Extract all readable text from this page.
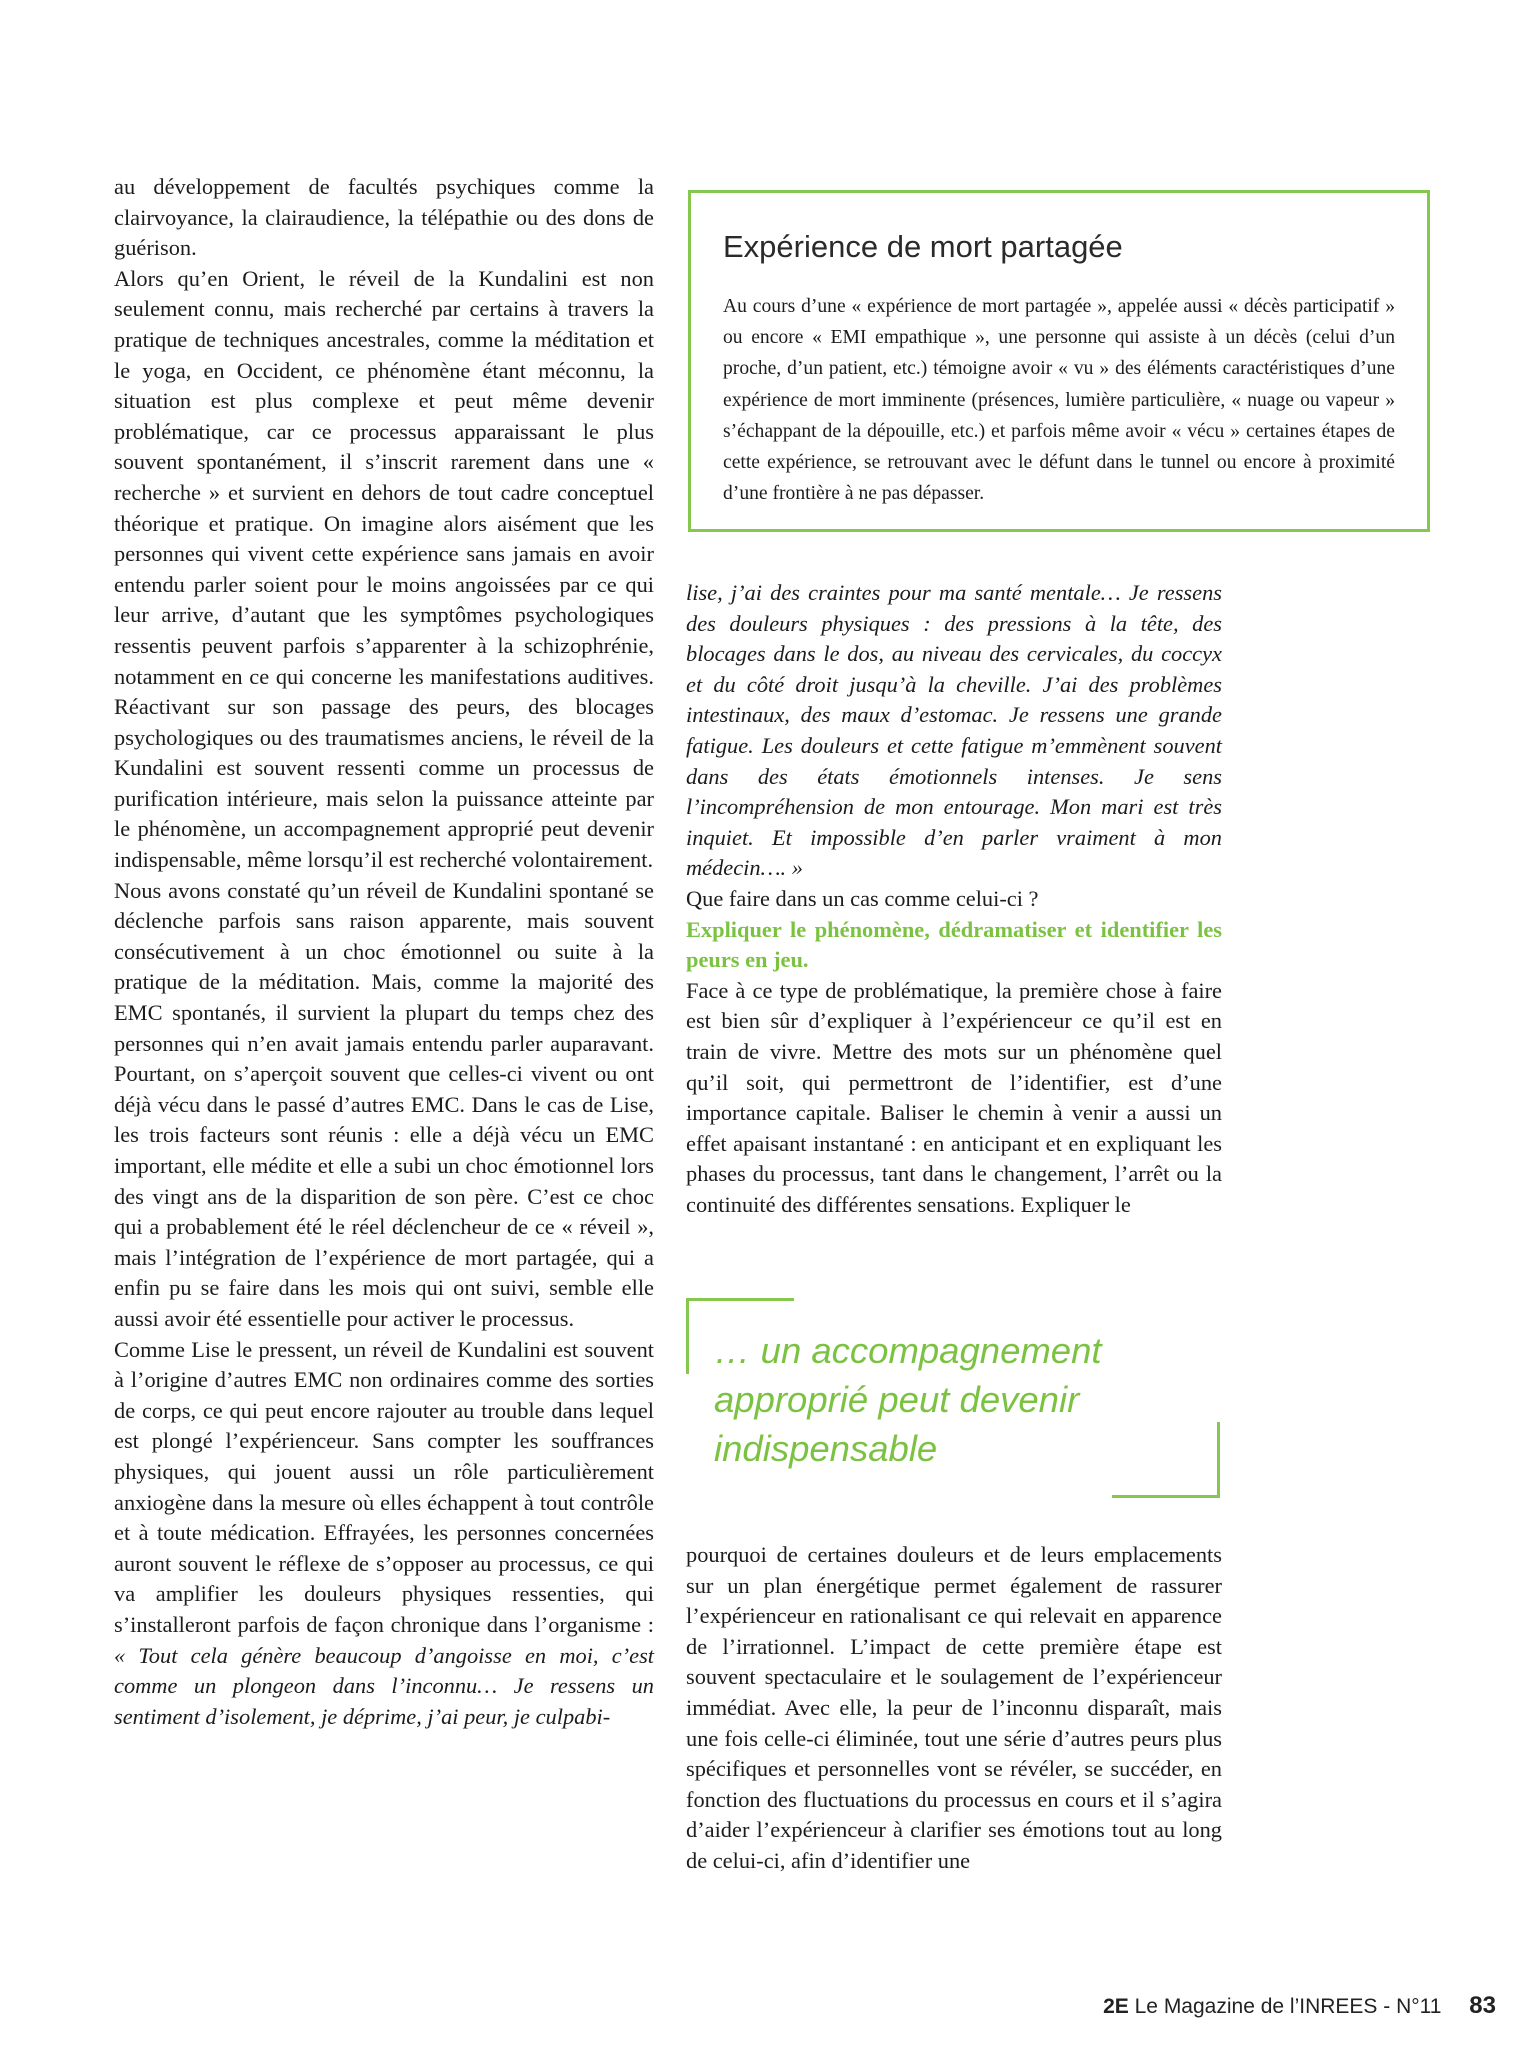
au développement de facultés psychiques comme la clairvoyance, la clairaudience, la télépathie ou des dons de guérison.

Alors qu’en Orient, le réveil de la Kundalini est non seulement connu, mais recherché par certains à travers la pratique de techniques ancestrales, comme la méditation et le yoga, en Occident, ce phénomène étant méconnu, la situation est plus complexe et peut même devenir problématique, car ce processus apparaissant le plus souvent spontanément, il s’inscrit rarement dans une « recherche » et survient en dehors de tout cadre conceptuel théorique et pratique. On imagine alors aisément que les personnes qui vivent cette expérience sans jamais en avoir entendu parler soient pour le moins angoissées par ce qui leur arrive, d’autant que les symptômes psychologiques ressentis peuvent parfois s’apparenter à la schizophrénie, notamment en ce qui concerne les manifestations auditives. Réactivant sur son passage des peurs, des blocages psychologiques ou des traumatismes anciens, le réveil de la Kundalini est souvent ressenti comme un processus de purification intérieure, mais selon la puissance atteinte par le phénomène, un accompagnement approprié peut devenir indispensable, même lorsqu’il est recherché volontairement.

Nous avons constaté qu’un réveil de Kundalini spontané se déclenche parfois sans raison apparente, mais souvent consécutivement à un choc émotionnel ou suite à la pratique de la méditation. Mais, comme la majorité des EMC spontanés, il survient la plupart du temps chez des personnes qui n’en avait jamais entendu parler auparavant. Pourtant, on s’aperçoit souvent que celles-ci vivent ou ont déjà vécu dans le passé d’autres EMC. Dans le cas de Lise, les trois facteurs sont réunis : elle a déjà vécu un EMC important, elle médite et elle a subi un choc émotionnel lors des vingt ans de la disparition de son père. C’est ce choc qui a probablement été le réel déclencheur de ce « réveil », mais l’intégration de l’expérience de mort partagée, qui a enfin pu se faire dans les mois qui ont suivi, semble elle aussi avoir été essentielle pour activer le processus.

Comme Lise le pressent, un réveil de Kundalini est souvent à l’origine d’autres EMC non ordinaires comme des sorties de corps, ce qui peut encore rajouter au trouble dans lequel est plongé l’expérienceur. Sans compter les souffrances physiques, qui jouent aussi un rôle particulièrement anxiogène dans la mesure où elles échappent à tout contrôle et à toute médication. Effrayées, les personnes concernées auront souvent le réflexe de s’opposer au processus, ce qui va amplifier les douleurs physiques ressenties, qui s’installeront parfois de façon chronique dans l’organisme : « Tout cela génère beaucoup d’angoisse en moi, c’est comme un plongeon dans l’inconnu… Je ressens un sentiment d’isolement, je déprime, j’ai peur, je culpabi-

Expérience de mort partagée

Au cours d’une « expérience de mort partagée », appelée aussi « décès participatif » ou encore « EMI empathique », une personne qui assiste à un décès (celui d’un proche, d’un patient, etc.) témoigne avoir « vu » des éléments caractéristiques d’une expérience de mort imminente (présences, lumière particulière, « nuage ou vapeur » s’échappant de la dépouille, etc.) et parfois même avoir « vécu » certaines étapes de cette expérience, se retrouvant avec le défunt dans le tunnel ou encore à proximité d’une frontière à ne pas dépasser.

lise, j’ai des craintes pour ma santé mentale… Je ressens des douleurs physiques : des pressions à la tête, des blocages dans le dos, au niveau des cervicales, du coccyx et du côté droit jusqu’à la cheville. J’ai des problèmes intestinaux, des maux d’estomac. Je ressens une grande fatigue. Les douleurs et cette fatigue m’emmènent souvent dans des états émotionnels intenses. Je sens l’incompréhension de mon entourage. Mon mari est très inquiet. Et impossible d’en parler vraiment à mon médecin…. »

Que faire dans un cas comme celui-ci ?

Expliquer le phénomène, dédramatiser et identifier les peurs en jeu.

Face à ce type de problématique, la première chose à faire est bien sûr d’expliquer à l’expérienceur ce qu’il est en train de vivre. Mettre des mots sur un phénomène quel qu’il soit, qui permettront de l’identifier, est d’une importance capitale. Baliser le chemin à venir a aussi un effet apaisant instantané : en anticipant et en expliquant les phases du processus, tant dans le changement, l’arrêt ou la continuité des différentes sensations. Expliquer le

… un accompagnement approprié peut devenir indispensable

pourquoi de certaines douleurs et de leurs emplacements sur un plan énergétique permet également de rassurer l’expérienceur en rationalisant ce qui relevait en apparence de l’irrationnel. L’impact de cette première étape est souvent spectaculaire et le soulagement de l’expérienceur immédiat. Avec elle, la peur de l’inconnu disparaît, mais une fois celle-ci éliminée, tout une série d’autres peurs plus spécifiques et personnelles vont se révéler, se succéder, en fonction des fluctuations du processus en cours et il s’agira d’aider l’expérienceur à clarifier ses émotions tout au long de celui-ci, afin d’identifier une

2E Le Magazine de l’INREES - N°11 83
